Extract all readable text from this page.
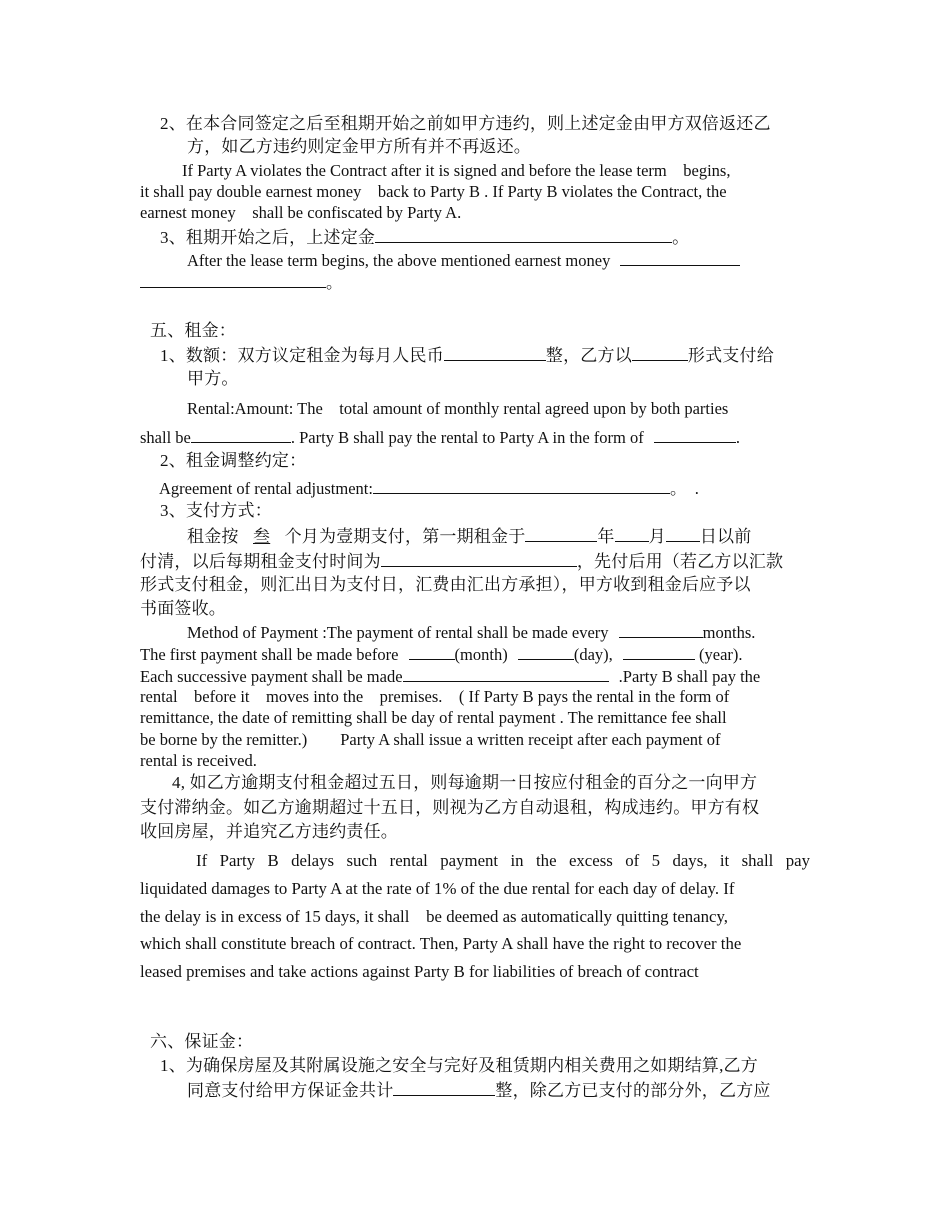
2、在本合同签定之后至租期开始之前如甲方违约，则上述定金由甲方双倍返还乙
方，如乙方违约则定金甲方所有并不再返还。
If Party A violates the Contract after it is signed and before the lease term    begins,
it shall pay double earnest money    back to Party B . If Party B violates the Contract, the
earnest money    shall be confiscated by Party A.
3、租期开始之后，上述定金	。
After the lease term begins, the above mentioned earnest money
。
五、租金：
1、数额：双方议定租金为每月人民币	整，乙方以	形式支付给
甲方。
Rental:Amount: The    total amount of monthly rental agreed upon by both parties
shall be	. Party B shall pay the rental to Party A in the form of	.
2、租金调整约定：
Agreement of rental adjustment:	。  .
3、支付方式：
租金按 叁 个月为壹期支付，第一期租金于	年 月 日以前
付清，以后每期租金支付时间为	，先付后用（若乙方以汇款
形式支付租金，则汇出日为支付日，汇费由汇出方承担），甲方收到租金后应予以
书面签收。
Method of Payment :The payment of rental shall be made every	months.
The first payment shall be made before	(month)	(day),	(year).
Each successive payment shall be made	.Party B shall pay the
rental    before it    moves into the    premises.    ( If Party B pays the rental in the form of
remittance, the date of remitting shall be day of rental payment . The remittance fee shall
be borne by the remitter.)        Party A shall issue a written receipt after each payment of
rental is received.
4, 如乙方逾期支付租金超过五日，则每逾期一日按应付租金的百分之一向甲方
支付滞纳金。如乙方逾期超过十五日，则视为乙方自动退租，构成违约。甲方有权
收回房屋，并追究乙方违约责任。
If Party B delays such rental payment in the excess of 5 days, it shall pay
liquidated damages to Party A at the rate of 1% of the due rental for each day of delay. If
the delay is in excess of 15 days, it shall    be deemed as automatically quitting tenancy,
which shall constitute breach of contract. Then, Party A shall have the right to recover the
leased premises and take actions against Party B for liabilities of breach of contract
六、保证金：
1、为确保房屋及其附属设施之安全与完好及租赁期内相关费用之如期结算,乙方
同意支付给甲方保证金共计	整，除乙方已支付的部分外，乙方应
